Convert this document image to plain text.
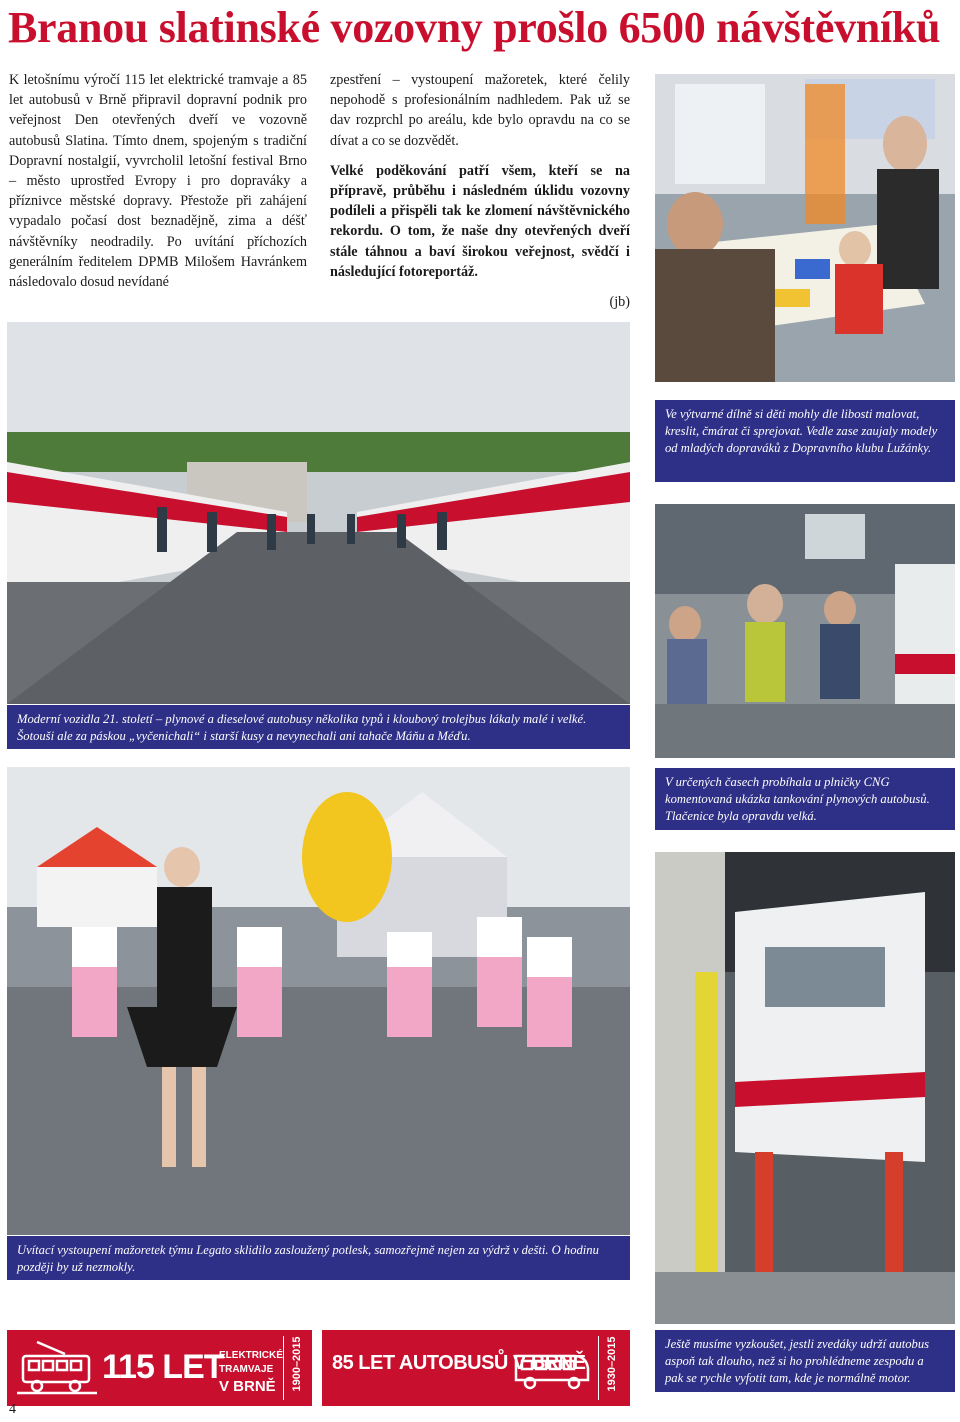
Branou slatinské vozovny prošlo 6500 návštěvníků

K letošnímu výročí 115 let elektrické tramvaje a 85 let autobusů v Brně připravil dopravní podnik pro veřejnost Den otevřených dveří ve vozovně autobusů Slatina. Tímto dnem, spojeným s tradiční Dopravní nostalgií, vyvrcholil letošní festival Brno – město uprostřed Evropy i pro dopraváky a příznivce městské dopravy. Přestože při zahájení vypadalo počasí dost beznadějně, zima a déšť návštěvníky neodradily. Po uvítání příchozích generálním ředitelem DPMB Milošem Havránkem následovalo dosud nevídané

zpestření – vystoupení mažoretek, které čelily nepohodě s profesionálním nadhledem. Pak už se dav rozprchl po areálu, kde bylo opravdu na co se dívat a co se dozvědět.

Velké poděkování patří všem, kteří se na přípravě, průběhu i následném úklidu vozovny podíleli a přispěli tak ke zlomení návštěvnického rekordu. O tom, že naše dny otevřených dveří stále táhnou a baví širokou veřejnost, svědčí i následující fotoreportáž.

(jb)

Ve výtvarné dílně si děti mohly dle libosti malovat, kreslit, čmárat či sprejovat. Vedle zase zaujaly modely od mladých dopraváků z Dopravního klubu Lužánky.
Moderní vozidla 21. století – plynové a dieselové autobusy několika typů i kloubový trolejbus lákaly malé i velké. Šotouši ale za páskou „vyčenichali“ i starší kusy a nevynechali ani tahače Máňu a Méďu.
V určených časech probíhala u plničky CNG komentovaná ukázka tankování plynových autobusů. Tlačenice byla opravdu velká.
Uvítací vystoupení mažoretek týmu Legato sklidilo zasloužený potlesk, samozřejmě nejen za výdrž v dešti. O hodinu později by už nezmokly.
115 LET
ELEKTRICKÉ
TRAMVAJE
V BRNĚ 1900–2015 85 LET AUTOBUSŮ V BRNĚ 1930–2015	Ještě musíme vyzkoušet, jestli zvedáky udrží autobus aspoň tak dlouho, než si ho prohlédneme zespodu a pak se rychle vyfotit tam, kde je normálně motor.
4
